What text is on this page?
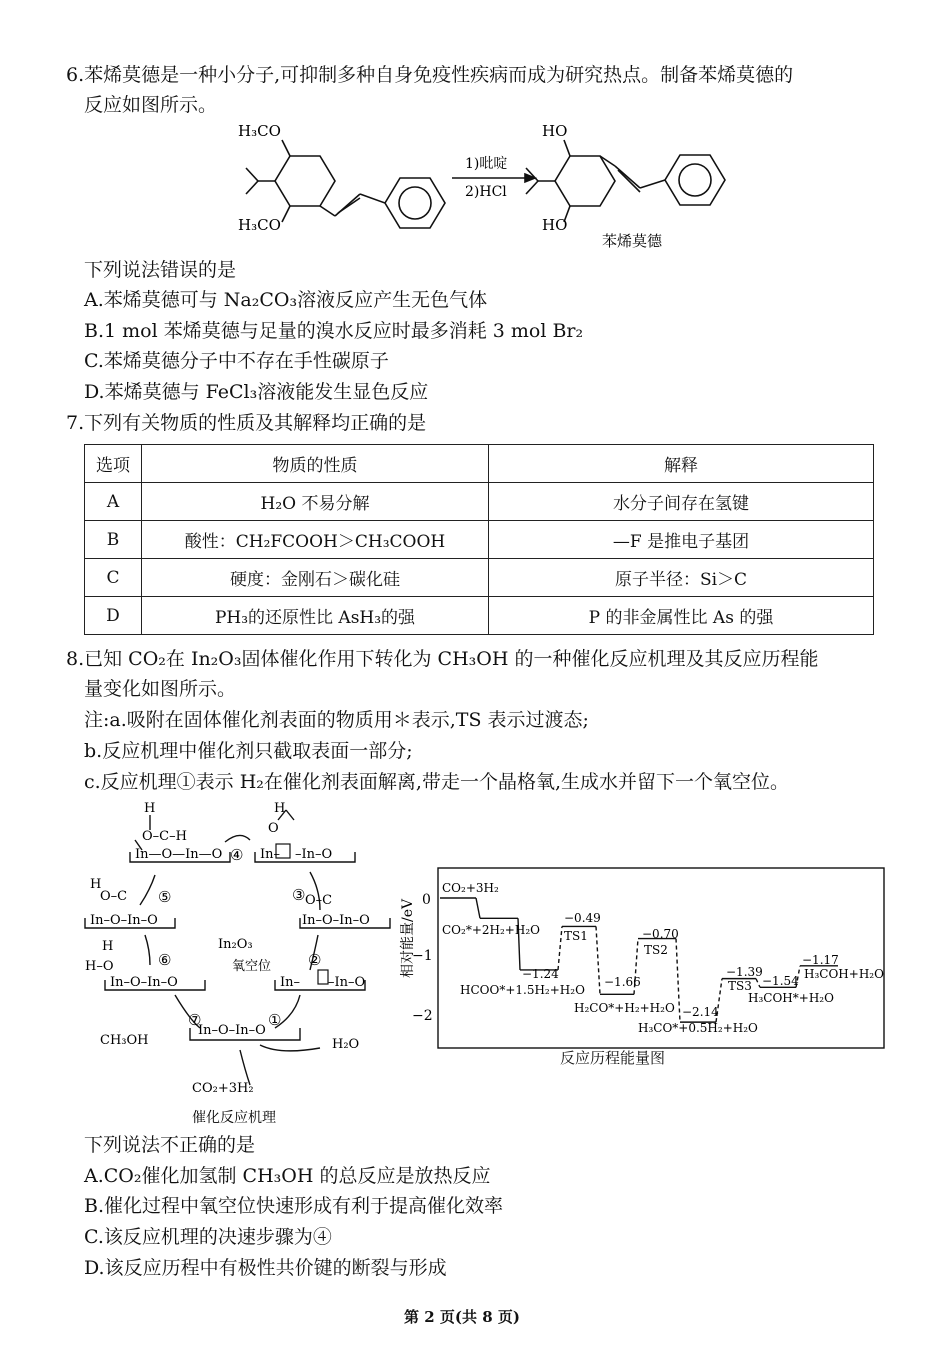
6.苯烯莫德是一种小分子,可抑制多种自身免疫性疾病而成为研究热点。制备苯烯莫德的
反应如图所示。
H₃CO
H₃CO
1)吡啶
2)HCl
HO
HO
苯烯莫德
下列说法错误的是
A.苯烯莫德可与 Na₂CO₃溶液反应产生无色气体
B.1 mol 苯烯莫德与足量的溴水反应时最多消耗 3 mol Br₂
C.苯烯莫德分子中不存在手性碳原子
D.苯烯莫德与 FeCl₃溶液能发生显色反应
7.下列有关物质的性质及其解释均正确的是
选项	物质的性质	解释
A	H₂O 不易分解	水分子间存在氢键
B	酸性：CH₂FCOOH＞CH₃COOH	—F 是推电子基团
C	硬度：金刚石＞碳化硅	原子半径：Si＞C
D	PH₃的还原性比 AsH₃的强	P 的非金属性比 As 的强
8.已知 CO₂在 In₂O₃固体催化作用下转化为 CH₃OH 的一种催化反应机理及其反应历程能
量变化如图所示。
注:a.吸附在固体催化剂表面的物质用＊表示,TS 表示过渡态;
b.反应机理中催化剂只截取表面一部分;
c.反应机理①表示 H₂在催化剂表面解离,带走一个晶格氧,生成水并留下一个氧空位。
H
O–C–H
In—O—In—O
H
O
In– –In–O
H
O–C
In–O–In–O
O–C
In–O–In–O
H
H–O
In–O–In–O	In– –In–O
In–O–In–O
④
⑤	③
⑥	②
⑦	①
In₂O₃
氧空位
H₂O
CH₃OH
CO₂+3H₂
催化反应机理
相对能量/eV 0
−1
−2
CO₂+3H₂
CO₂*+2H₂+H₂O
−1.24
HCOO*+1.5H₂+H₂O
−0.49
TS1
−1.66
H₂CO*+H₂+H₂O
−0.70
TS2
−2.14
H₃CO*+0.5H₂+H₂O
−1.39
TS3 −1.54
H₃COH*+H₂O
−1.17
H₃COH+H₂O
反应历程能量图
下列说法不正确的是
A.CO₂催化加氢制 CH₃OH 的总反应是放热反应
B.催化过程中氧空位快速形成有利于提高催化效率
C.该反应机理的决速步骤为④
D.该反应历程中有极性共价键的断裂与形成
第 2 页(共 8 页)
